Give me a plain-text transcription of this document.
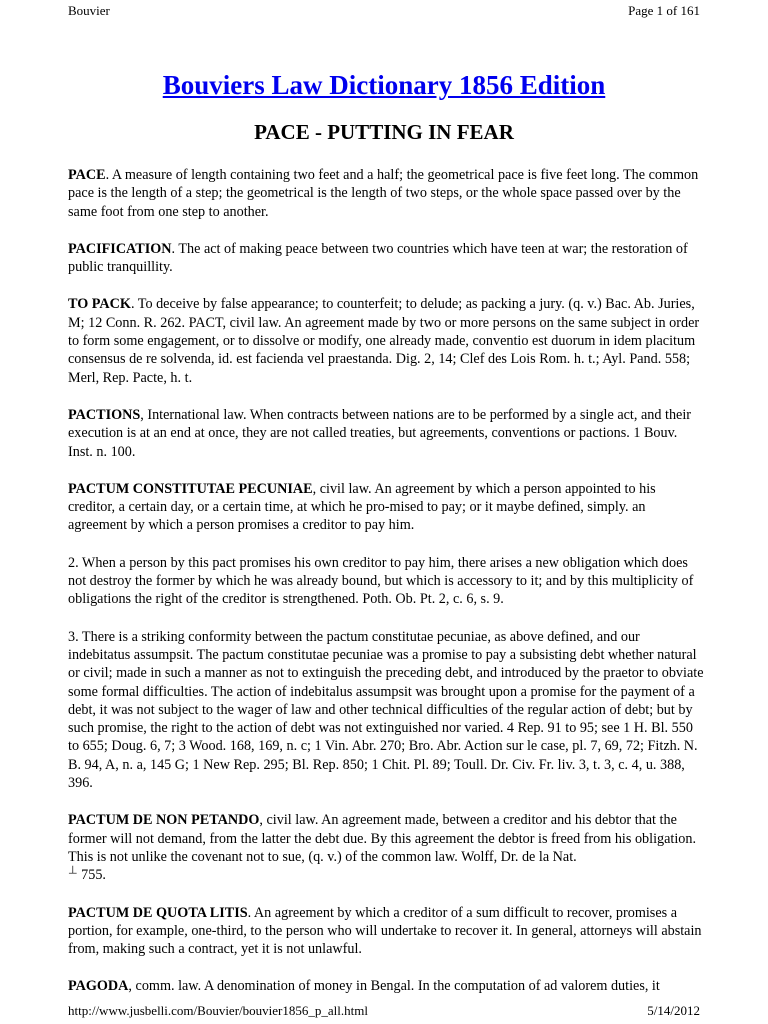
Bouvier	Page 1 of 161
Bouviers Law Dictionary 1856 Edition
PACE - PUTTING IN FEAR

PACE. A measure of length containing two feet and a half; the geometrical pace is five feet long. The common pace is the length of a step; the geometrical is the length of two steps, or the whole space passed over by the same foot from one step to another.

PACIFICATION. The act of making peace between two countries which have teen at war; the restoration of public tranquillity.

TO PACK. To deceive by false appearance; to counterfeit; to delude; as packing a jury. (q. v.) Bac. Ab. Juries, M; 12 Conn. R. 262. PACT, civil law. An agreement made by two or more persons on the same subject in order to form some engagement, or to dissolve or modify, one already made, conventio est duorum in idem placitum consensus de re solvenda, id. est facienda vel praestanda. Dig. 2, 14; Clef des Lois Rom. h. t.; Ayl. Pand. 558; Merl, Rep. Pacte, h. t.

PACTIONS, International law. When contracts between nations are to be performed by a single act, and their execution is at an end at once, they are not called treaties, but agreements, conventions or pactions. 1 Bouv. Inst. n. 100.

PACTUM CONSTITUTAE PECUNIAE, civil law. An agreement by which a person appointed to his creditor, a certain day, or a certain time, at which he pro-mised to pay; or it maybe defined, simply. an agreement by which a person promises a creditor to pay him.

2. When a person by this pact promises his own creditor to pay him, there arises a new obligation which does not destroy the former by which he was already bound, but which is accessory to it; and by this multiplicity of obligations the right of the creditor is strengthened. Poth. Ob. Pt. 2, c. 6, s. 9.

3. There is a striking conformity between the pactum constitutae pecuniae, as above defined, and our indebitatus assumpsit. The pactum constitutae pecuniae was a promise to pay a subsisting debt whether natural or civil; made in such a manner as not to extinguish the preceding debt, and introduced by the praetor to obviate some formal difficulties. The action of indebitalus assumpsit was brought upon a promise for the payment of a debt, it was not subject to the wager of law and other technical difficulties of the regular action of debt; but by such promise, the right to the action of debt was not extinguished nor varied. 4 Rep. 91 to 95; see 1 H. Bl. 550 to 655; Doug. 6, 7; 3 Wood. 168, 169, n. c; 1 Vin. Abr. 270; Bro. Abr. Action sur le case, pl. 7, 69, 72; Fitzh. N. B. 94, A, n. a, 145 G; 1 New Rep. 295; Bl. Rep. 850; 1 Chit. Pl. 89; Toull. Dr. Civ. Fr. liv. 3, t. 3, c. 4, u. 388, 396.

PACTUM DE NON PETANDO, civil law. An agreement made, between a creditor and his debtor that the former will not demand, from the latter the debt due. By this agreement the debtor is freed from his obligation. This is not unlike the covenant not to sue, (q. v.) of the common law. Wolff, Dr. de la Nat.
⊥ 755.

PACTUM DE QUOTA LITIS. An agreement by which a creditor of a sum difficult to recover, promises a portion, for example, one-third, to the person who will undertake to recover it. In general, attorneys will abstain from, making such a contract, yet it is not unlawful.

PAGODA, comm. law. A denomination of money in Bengal. In the computation of ad valorem duties, it

http://www.jusbelli.com/Bouvier/bouvier1856_p_all.html	5/14/2012
